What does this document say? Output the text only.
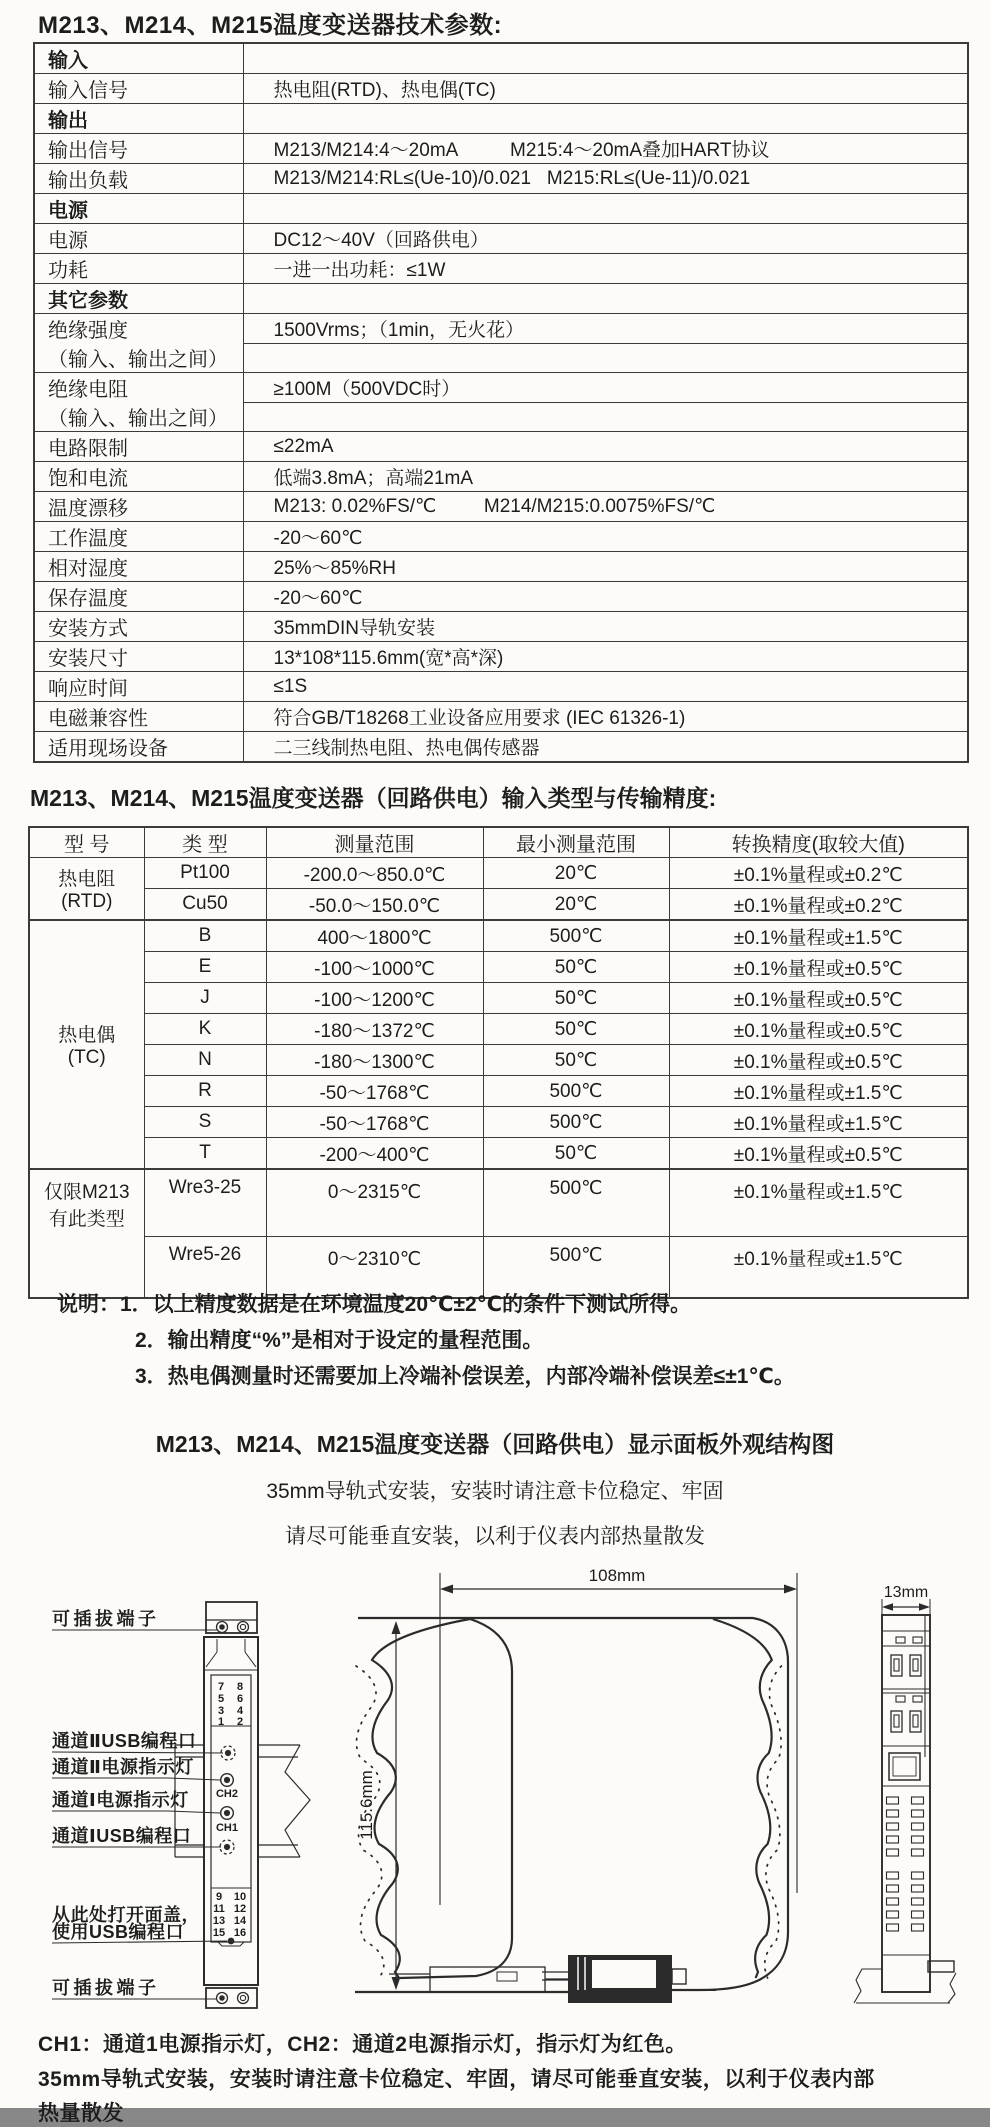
M213、M214、M215温度变送器技术参数:
输入	
输入信号	热电阻(RTD)、热电偶(TC)
输出	
输出信号	M213/M214:4～20mA          M215:4～20mA叠加HART协议
输出负载	M213/M214:RL≤(Ue-10)/0.021   M215:RL≤(Ue-11)/0.021
电源	
电源	DC12～40V（回路供电）
功耗	一进一出功耗：≤1W
其它参数	

绝缘强度
（输入、输出之间）	1500Vrms；（1min，无火花）

绝缘电阻
（输入、输出之间）	≥100M（500VDC时）

电路限制	≤22mA
饱和电流	低端3.8mA；高端21mA
温度漂移	M213: 0.02%FS/℃         M214/M215:0.0075%FS/℃
工作温度	-20～60℃
相对湿度	25%～85%RH
保存温度	-20～60℃
安装方式	35mmDIN导轨安装
安装尺寸	13*108*115.6mm(宽*高*深)
响应时间	≤1S
电磁兼容性	符合GB/T18268工业设备应用要求 (IEC 61326-1)
适用现场设备	二三线制热电阻、热电偶传感器
M213、M214、M215温度变送器（回路供电）输入类型与传输精度:
型 号	类 型	测量范围	最小测量范围	转换精度(取较大值)

热电阻
(RTD)	Pt100	-200.0～850.0℃	20℃	±0.1%量程或±0.2℃
	Cu50	-50.0～150.0℃	20℃	±0.1%量程或±0.2℃

热电偶
(TC)	B	400～1800℃	500℃	±0.1%量程或±1.5℃
	E	-100～1000℃	50℃	±0.1%量程或±0.5℃
	J	-100～1200℃	50℃	±0.1%量程或±0.5℃
	K	-180～1372℃	50℃	±0.1%量程或±0.5℃
	N	-180～1300℃	50℃	±0.1%量程或±0.5℃
	R	-50～1768℃	500℃	±0.1%量程或±1.5℃
	S	-50～1768℃	500℃	±0.1%量程或±1.5℃
	T	-200～400℃	50℃	±0.1%量程或±0.5℃

仅限M213
有此类型	Wre3-25	0～2315℃	500℃	±0.1%量程或±1.5℃
	Wre5-26	0～2310℃	500℃	±0.1%量程或±1.5℃
说明：1．以上精度数据是在环境温度20℃±2℃的条件下测试所得。
2．输出精度“%”是相对于设定的量程范围。
3．热电偶测量时还需要加上冷端补偿误差，内部冷端补偿误差≤±1℃。
M213、M214、M215温度变送器（回路供电）显示面板外观结构图
35mm导轨式安装，安装时请注意卡位稳定、牢固
请尽可能垂直安装，以利于仪表内部热量散发
7 8
5 6
3 4
1 2
CH2
CH1
9 10
11 12
13 14
15 16
可插拔端子
通道ⅡUSB编程口
通道Ⅱ电源指示灯
通道Ⅰ电源指示灯
通道ⅠUSB编程口
从此处打开面盖，
使用USB编程口
可插拔端子
108mm
115.6mm
13mm
CH1：通道1电源指示灯，CH2：通道2电源指示灯，指示灯为红色。
35mm导轨式安装，安装时请注意卡位稳定、牢固，请尽可能垂直安装，以利于仪表内部
热量散发
